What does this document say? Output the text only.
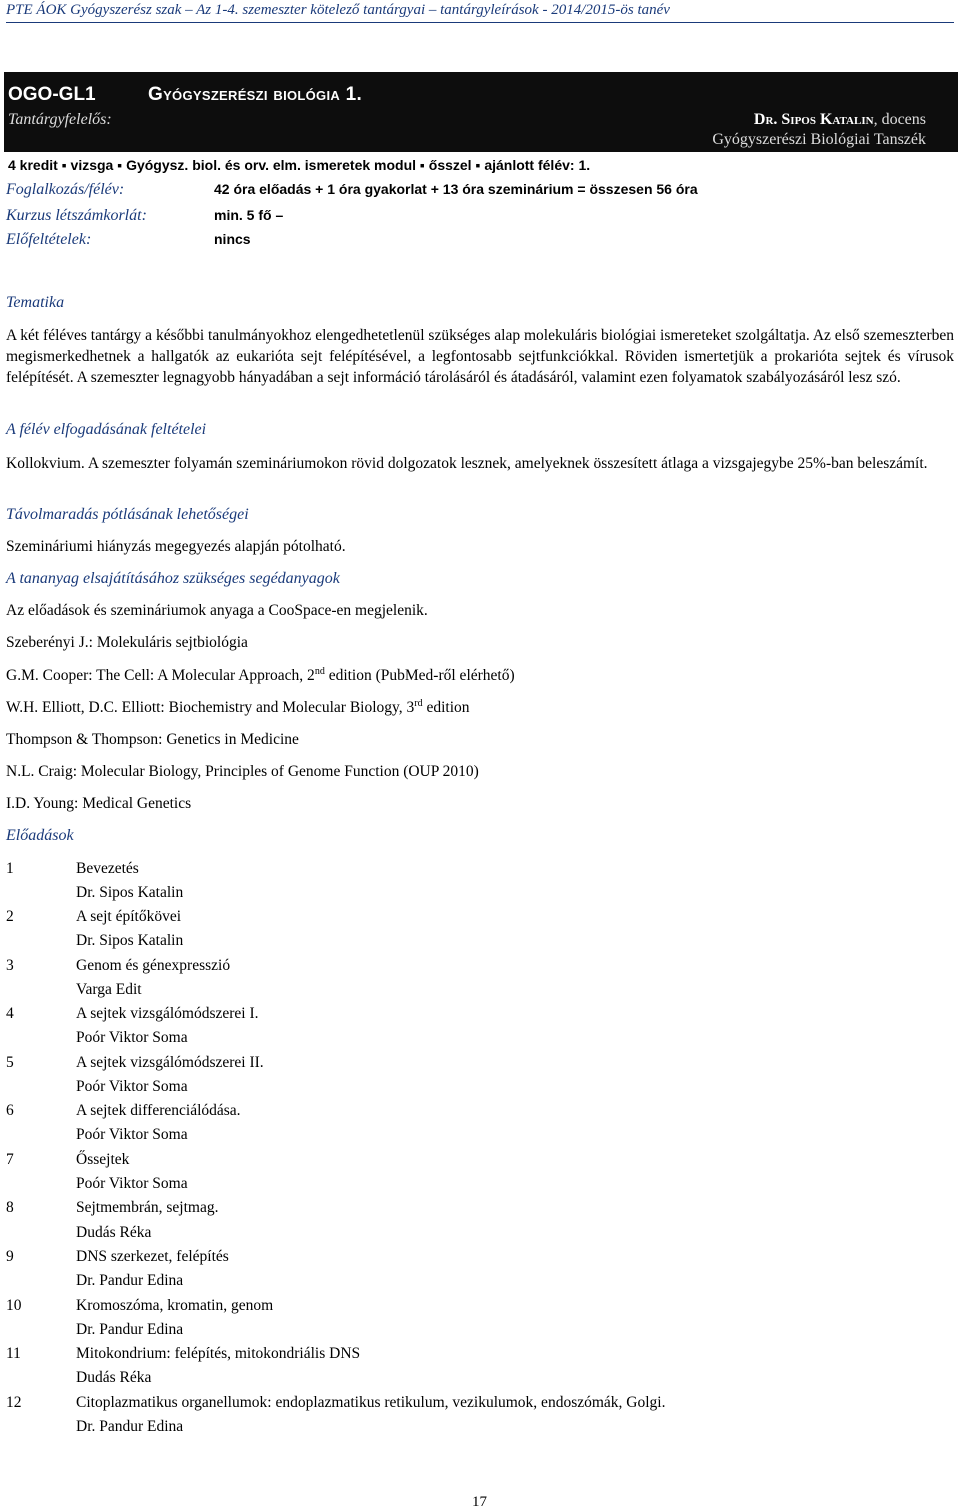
PTE ÁOK Gyógyszerész szak – Az 1-4. szemeszter kötelező tantárgyai – tantárgyleírások - 2014/2015-ös tanév
OGO-GL1	Gyógyszerészi biológia 1.
Tantárgyfelelős:	Dr. Sipos Katalin, docens
Gyógyszerészi Biológiai Tanszék
4 kredit ▪ vizsga ▪ Gyógysz. biol. és orv. elm. ismeretek modul ▪ ősszel ▪ ajánlott félév: 1.
Foglalkozás/félév:	42 óra előadás + 1 óra gyakorlat + 13 óra szeminárium = összesen 56 óra
Kurzus létszámkorlát:	min. 5 fő –
Előfeltételek:	nincs
Tematika
A két féléves tantárgy a későbbi tanulmányokhoz elengedhetetlenül szükséges alap molekuláris biológiai ismereteket szolgáltatja. Az első szemeszterben megismerkedhetnek a hallgatók az eukarióta sejt felépítésével, a legfontosabb sejtfunkciókkal. Röviden ismertetjük a prokarióta sejtek és vírusok felépítését. A szemeszter legnagyobb hányadában a sejt információ tárolásáról és átadásáról, valamint ezen folyamatok szabályozásáról lesz szó.
A félév elfogadásának feltételei
Kollokvium. A szemeszter folyamán szemináriumokon rövid dolgozatok lesznek, amelyeknek összesített átlaga a vizsgajegybe 25%-ban beleszámít.
Távolmaradás pótlásának lehetőségei
Szemináriumi hiányzás megegyezés alapján pótolható.
A tananyag elsajátításához szükséges segédanyagok
Az előadások és szemináriumok anyaga a CooSpace-en megjelenik.
Szeberényi J.: Molekuláris sejtbiológia
G.M. Cooper: The Cell: A Molecular Approach, 2nd edition (PubMed-ről elérhető)
W.H. Elliott, D.C. Elliott: Biochemistry and Molecular Biology, 3rd edition
Thompson & Thompson: Genetics in Medicine
N.L. Craig: Molecular Biology, Principles of Genome Function (OUP 2010)
I.D. Young: Medical Genetics
Előadások
1	Bevezetés
Dr. Sipos Katalin
2	A sejt építőkövei
Dr. Sipos Katalin
3	Genom és génexpresszió
Varga Edit
4	A sejtek vizsgálómódszerei I.
Poór Viktor Soma
5	A sejtek vizsgálómódszerei II.
Poór Viktor Soma
6	A sejtek differenciálódása.
Poór Viktor Soma
7	Őssejtek
Poór Viktor Soma
8	Sejtmembrán, sejtmag.
Dudás Réka
9	DNS szerkezet, felépítés
Dr. Pandur Edina
10	Kromoszóma, kromatin, genom
Dr. Pandur Edina
11	Mitokondrium: felépítés, mitokondriális DNS
Dudás Réka
12	Citoplazmatikus organellumok: endoplazmatikus retikulum, vezikulumok, endoszómák, Golgi.
Dr. Pandur Edina
17
